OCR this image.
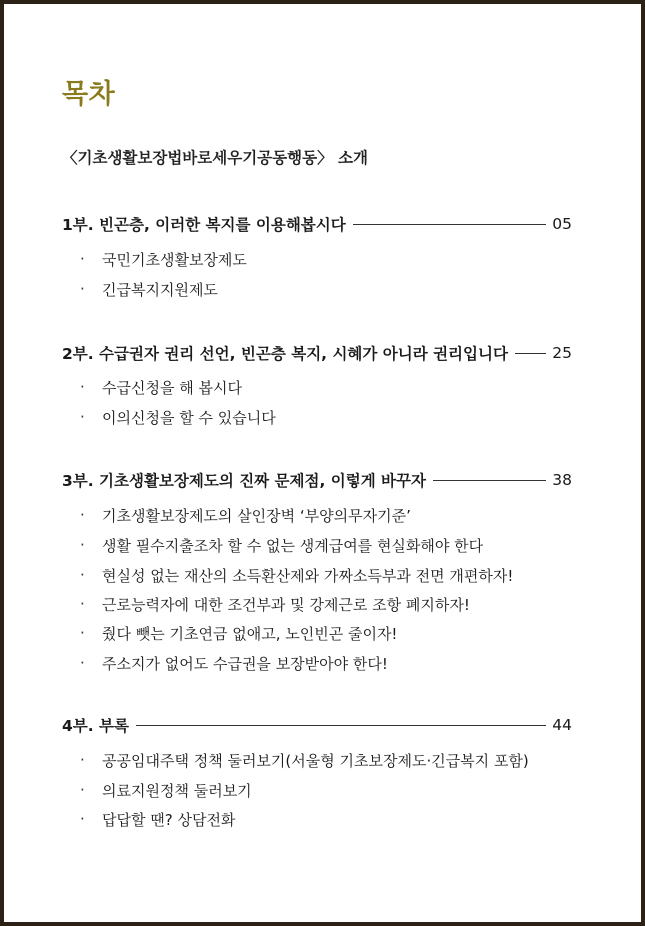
목차
〈기초생활보장법바로세우기공동행동〉 소개
1부. 빈곤층, 이러한 복지를 이용해봅시다	05
·	국민기초생활보장제도
·	긴급복지지원제도
2부. 수급권자 권리 선언, 빈곤층 복지, 시혜가 아니라 권리입니다	25
·	수급신청을 해 봅시다
·	이의신청을 할 수 있습니다
3부. 기초생활보장제도의 진짜 문제점, 이렇게 바꾸자	38
·	기초생활보장제도의 살인장벽 ‘부양의무자기준’
·	생활 필수지출조차 할 수 없는 생계급여를 현실화해야 한다
·	현실성 없는 재산의 소득환산제와 가짜소득부과 전면 개편하자!
·	근로능력자에 대한 조건부과 및 강제근로 조항 폐지하자!
·	줬다 뺏는 기초연금 없애고, 노인빈곤 줄이자!
·	주소지가 없어도 수급권을 보장받아야 한다!
4부. 부록	44
·	공공임대주택 정책 둘러보기(서울형 기초보장제도·긴급복지 포함)
·	의료지원정책 둘러보기
·	답답할 땐? 상담전화
